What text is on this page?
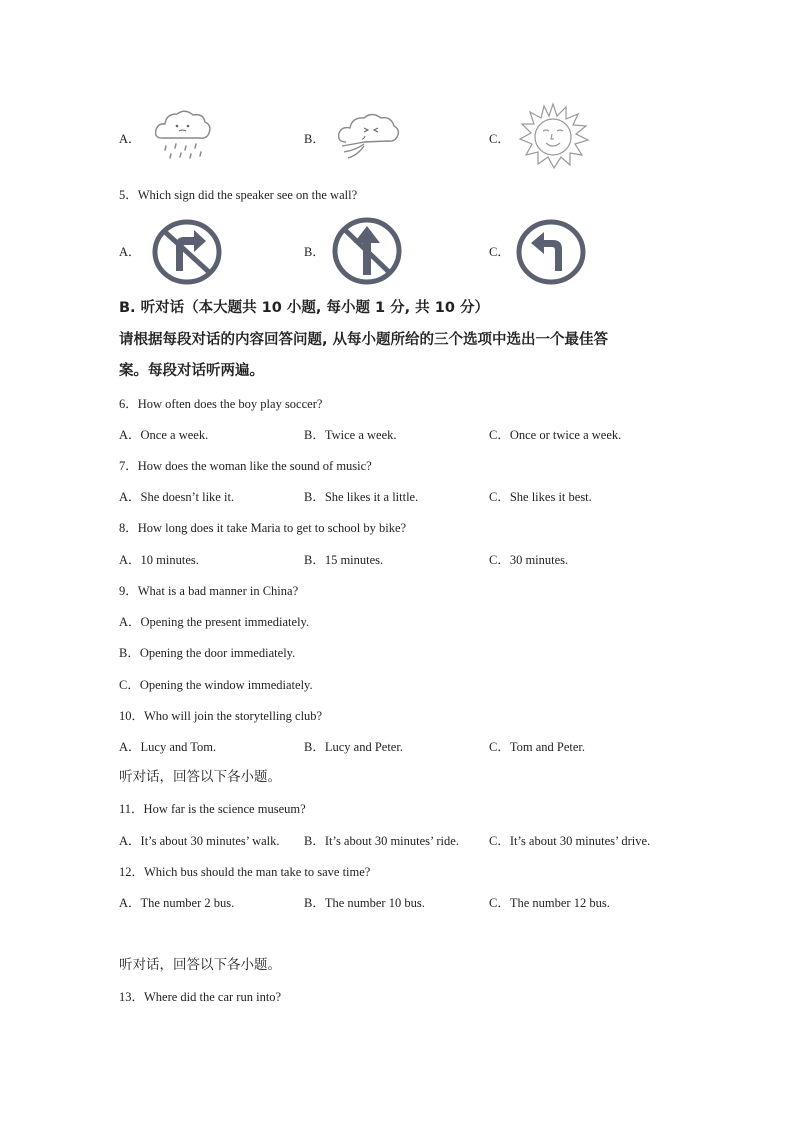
A．	B．	C．
5．Which sign did the speaker see on the wall?
A．	B．	C．
B. 听对话（本大题共 10 小题, 每小题 1 分, 共 10 分）
请根据每段对话的内容回答问题, 从每小题所给的三个选项中选出一个最佳答
案。每段对话听两遍。
6．How often does the boy play soccer?
A．Once a week.	B．Twice a week.	C．Once or twice a week.
7．How does the woman like the sound of music?
A．She doesn’t like it.	B．She likes it a little.	C．She likes it best.
8．How long does it take Maria to get to school by bike?
A．10 minutes.	B．15 minutes.	C．30 minutes.
9．What is a bad manner in China?
A．Opening the present immediately.
B．Opening the door immediately.
C．Opening the window immediately.
10．Who will join the storytelling club?
A．Lucy and Tom.	B．Lucy and Peter.	C．Tom and Peter.
听对话，回答以下各小题。
11．How far is the science museum?
A．It’s about 30 minutes’ walk. B．It’s about 30 minutes’ ride. C．It’s about 30 minutes’ drive.
12．Which bus should the man take to save time?
A．The number 2 bus.	B．The number 10 bus.	C．The number 12 bus.
听对话，回答以下各小题。
13．Where did the car run into?
